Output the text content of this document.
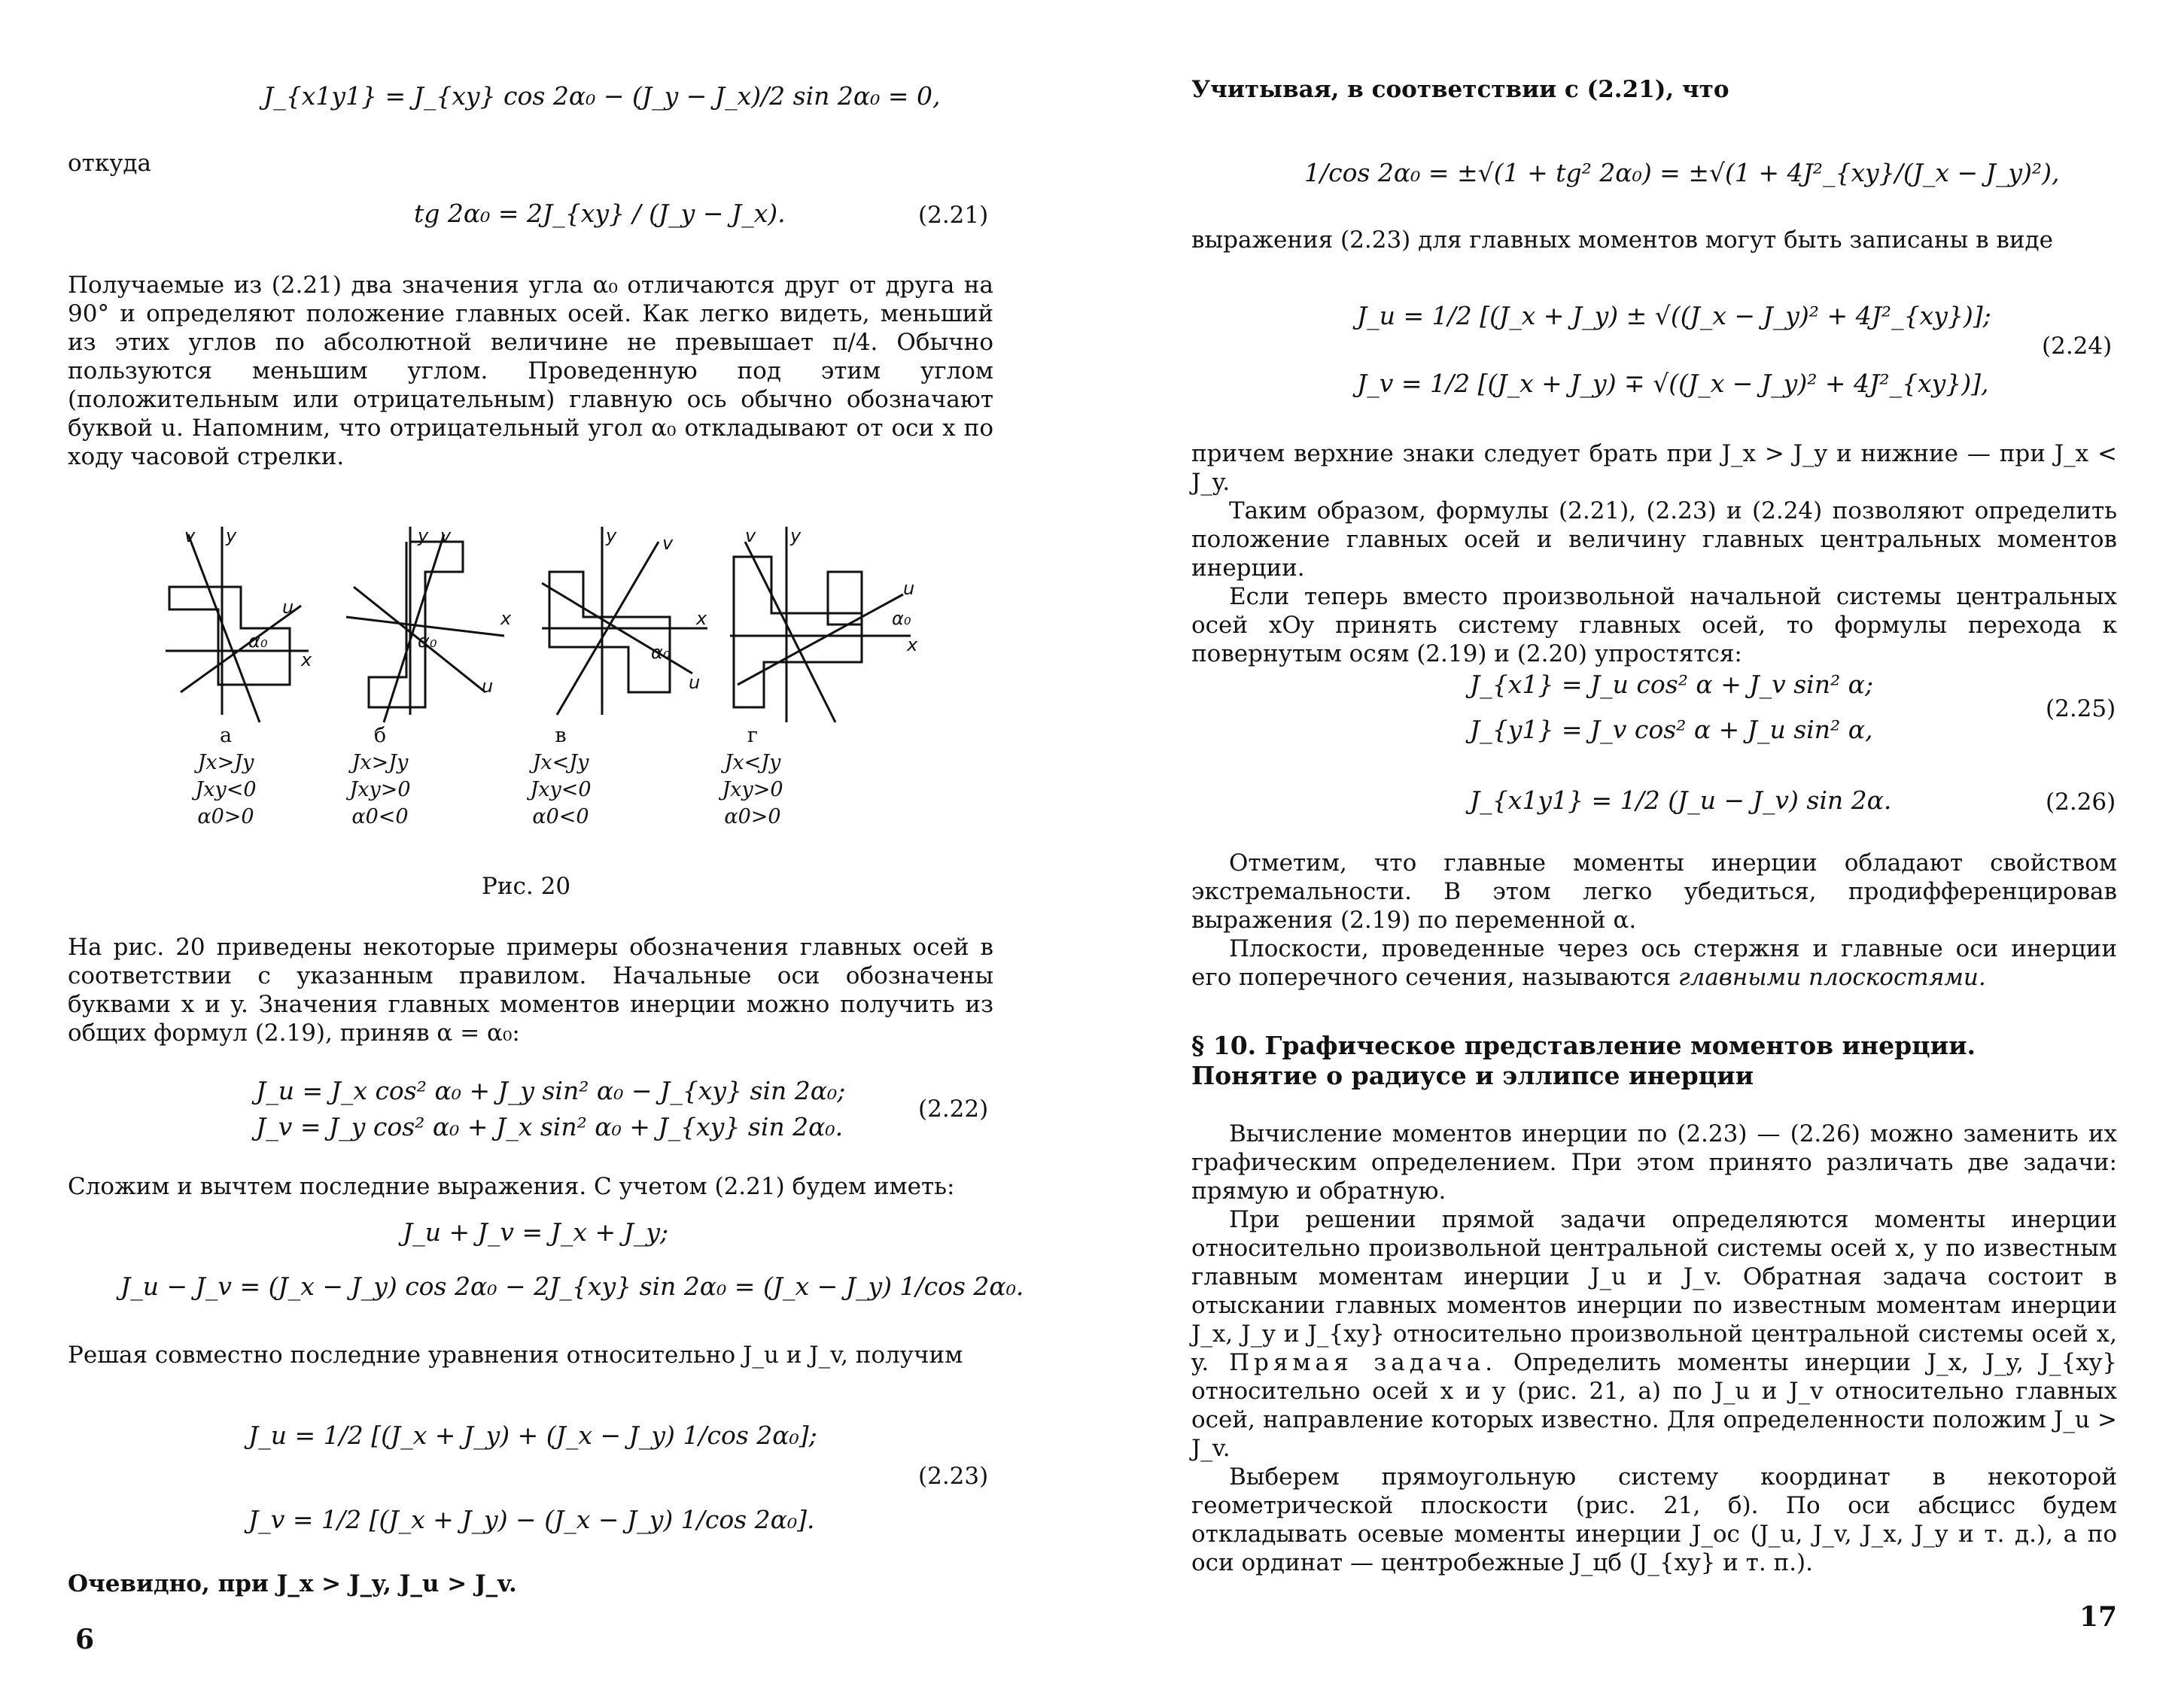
J_{x1y1} = J_{xy} cos 2α₀ − (J_y − J_x)/2 sin 2α₀ = 0,
откуда
tg 2α₀ = 2J_{xy} / (J_y − J_x).	(2.21)

Получаемые из (2.21) два значения угла α₀ отличаются друг от друга на 90° и определяют положение главных осей. Как легко видеть, меньший из этих углов по абсолютной величине не превышает π/4. Обычно пользуются меньшим углом. Проведенную под этим углом (положительным или отрицательным) главную ось обычно обозначают буквой u. Напомним, что отрицательный угол α₀ откладывают от оси x по ходу часовой стрелки.

v y
u
x
α₀
y v
x
u
α₀
y	v
x
u
α₀
v y
u
x
α₀
а
Jx>Jy
Jxy<0
α0>0
б
Jx>Jy
Jxy>0
α0<0
в
Jx<Jy
Jxy<0
α0<0
г
Jx<Jy
Jxy>0
α0>0
Рис. 20

На рис. 20 приведены некоторые примеры обозначения главных осей в соответствии с указанным правилом. Начальные оси обозначены буквами x и y. Значения главных моментов инерции можно получить из общих формул (2.19), приняв α = α₀:

J_u = J_x cos² α₀ + J_y sin² α₀ − J_{xy} sin 2α₀;
J_v = J_y cos² α₀ + J_x sin² α₀ + J_{xy} sin 2α₀.
(2.22)

Сложим и вычтем последние выражения. С учетом (2.21) будем иметь:

J_u + J_v = J_x + J_y;
J_u − J_v = (J_x − J_y) cos 2α₀ − 2J_{xy} sin 2α₀ = (J_x − J_y) 1/cos 2α₀.

Решая совместно последние уравнения относительно J_u и J_v, получим

J_u = 1/2 [(J_x + J_y) + (J_x − J_y) 1/cos 2α₀];
J_v = 1/2 [(J_x + J_y) − (J_x − J_y) 1/cos 2α₀].
(2.23)

Очевидно, при J_x > J_y, J_u > J_v.

6

Учитывая, в соответствии с (2.21), что

1/cos 2α₀ = ±√(1 + tg² 2α₀) = ±√(1 + 4J²_{xy}/(J_x − J_y)²),

выражения (2.23) для главных моментов могут быть записаны в виде

J_u = 1/2 [(J_x + J_y) ± √((J_x − J_y)² + 4J²_{xy})];
J_v = 1/2 [(J_x + J_y) ∓ √((J_x − J_y)² + 4J²_{xy})],
(2.24)

причем верхние знаки следует брать при J_x > J_y и нижние — при J_x < J_y.

Таким образом, формулы (2.21), (2.23) и (2.24) позволяют определить положение главных осей и величину главных центральных моментов инерции.

Если теперь вместо произвольной начальной системы центральных осей xOy принять систему главных осей, то формулы перехода к повернутым осям (2.19) и (2.20) упростятся:

J_{x1} = J_u cos² α + J_v sin² α;
J_{y1} = J_v cos² α + J_u sin² α,
(2.25)
J_{x1y1} = 1/2 (J_u − J_v) sin 2α.	(2.26)

Отметим, что главные моменты инерции обладают свойством экстремальности. В этом легко убедиться, продифференцировав выражения (2.19) по переменной α.

Плоскости, проведенные через ось стержня и главные оси инерции его поперечного сечения, называются главными плоскостями.

§ 10. Графическое представление моментов инерции.
Понятие о радиусе и эллипсе инерции

Вычисление моментов инерции по (2.23) — (2.26) можно заменить их графическим определением. При этом принято различать две задачи: прямую и обратную.

При решении прямой задачи определяются моменты инерции относительно произвольной центральной системы осей x, y по известным главным моментам инерции J_u и J_v. Обратная задача состоит в отыскании главных моментов инерции по известным моментам инерции J_x, J_y и J_{xy} относительно произвольной центральной системы осей x, y. Прямая задача. Определить моменты инерции J_x, J_y, J_{xy} относительно осей x и y (рис. 21, а) по J_u и J_v относительно главных осей, направление которых известно. Для определенности положим J_u > J_v.

Выберем прямоугольную систему координат в некоторой геометрической плоскости (рис. 21, б). По оси абсцисс будем откладывать осевые моменты инерции J_ос (J_u, J_v, J_x, J_y и т. д.), а по оси ординат — центробежные J_цб (J_{xy} и т. п.).

17
